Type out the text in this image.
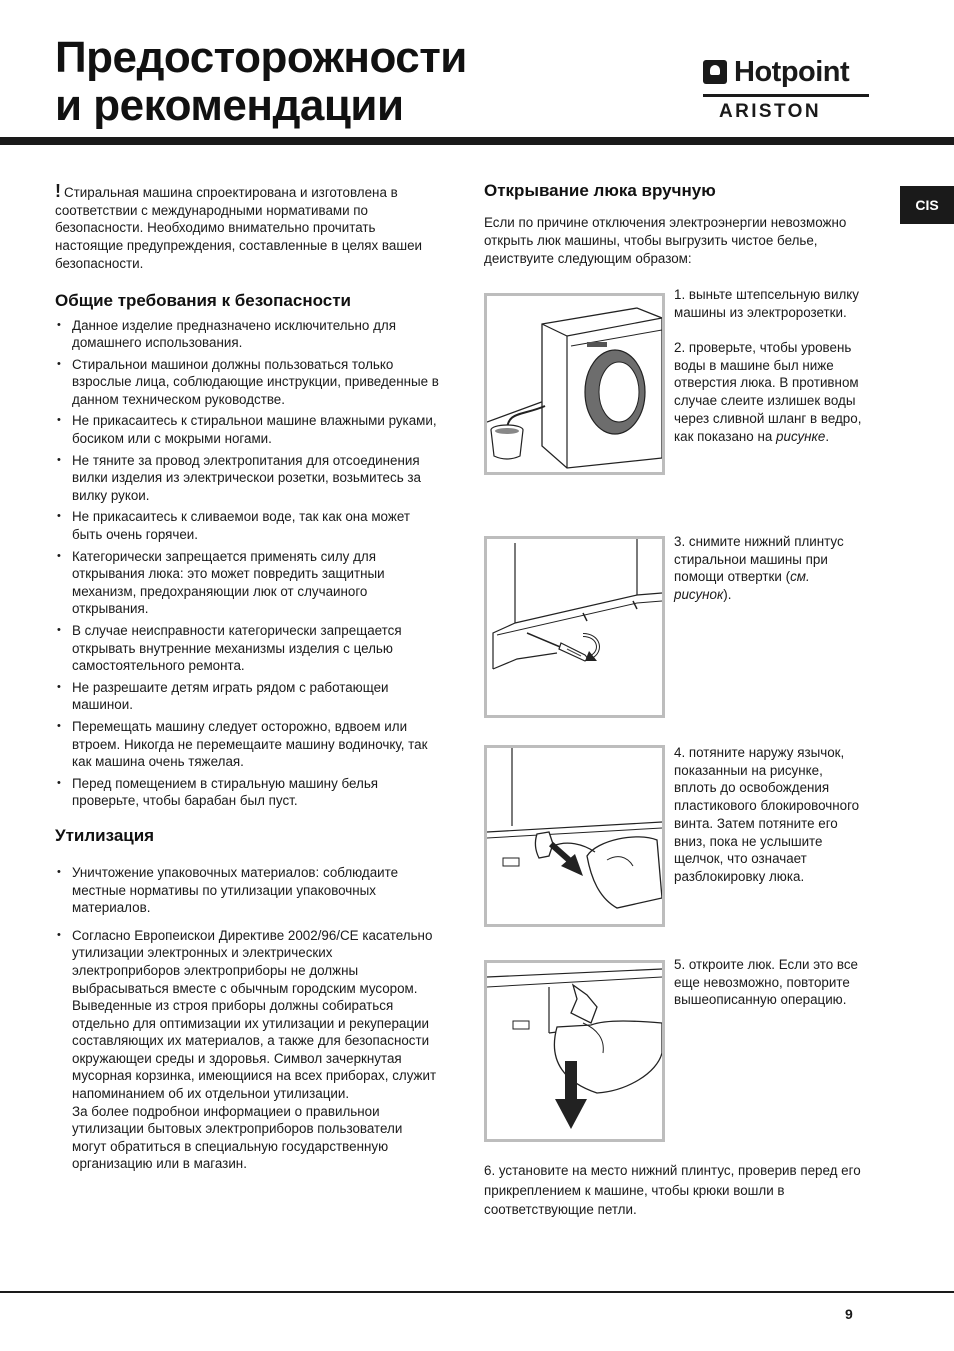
Предосторожности
и рекомендации
Hotpoint
ARISTON
CIS

! Стиральная машина спроектирована и изготовлена в соответствии с международными нормативами по безопасности. Необходимо внимательно прочитать настоящие предупреждения, составленные в целях вашеи безопасности.

Общие требования к безопасности
• Данное изделие предназначено исключительно для домашнего использования.
• Стиральнои машинои должны пользоваться только взрослые лица, соблюдающие инструкции, приведенные в данном техническом руководстве.
• Не прикасаитесь к стиральнои машине влажными руками, босиком или с мокрыми ногами.
• Не тяните за провод электропитания для отсоединения вилки изделия из электрическои розетки, возьмитесь за вилку рукои.
• Не прикасаитесь к сливаемои воде, так как она может быть очень горячеи.
• Категорически запрещается применять силу для открывания люка: это может повредить защитныи механизм, предохраняющии люк от случаиного открывания.
• В случае неисправности категорически запрещается открывать внутренние механизмы изделия с целью самостоятельного ремонта.
• Не разрешаите детям играть рядом с работающеи машинои.
• Перемещать машину следует осторожно, вдвоем или втроем. Никогда не перемещаите машину водиночку, так как машина очень тяжелая.
• Перед помещением в стиральную машину белья проверьте, чтобы барабан был пуст.
Утилизация
• Уничтожение упаковочных материалов: соблюдаите местные нормативы по утилизации упаковочных материалов.
• Согласно Европеискои Директиве 2002/96/CE касательно утилизации электронных и электрических электроприборов электроприборы не должны выбрасываться вместе с обычным городским мусором. Выведенные из строя приборы должны собираться отдельно для оптимизации их утилизации и рекуперации составляющих их материалов, а также для безопасности окружающеи среды и здоровья. Символ зачеркнутая мусорная корзинка, имеющиися на всех приборах, служит напоминанием об их отдельнои утилизации.

За более подробнои информациеи о правильнои утилизации бытовых электроприборов пользователи могут обратиться в специальную государственную организацию или в магазин.

Открывание люка вручную

Если по причине отключения электроэнергии невозможно открыть люк машины, чтобы выгрузить чистое белье, деиствуите следующим образом:

1. выньте штепсельную вилку машины из электророзетки.

2. проверьте, чтобы уровень воды в машине был ниже отверстия люка. В противном случае слеите излишек воды через сливной шланг в ведро, как показано на рисунке.

3. снимите нижний плинтус стиральнои машины при помощи отвертки (см. рисунок).

4. потяните наружу язычок, показанныи на рисунке, вплоть до освобождения пластикового блокировочного винта. Затем потяните его вниз, пока не услышите щелчок, что означает разблокировку люка.

5. откроите люк. Если это все еще невозможно, повторите вышеописанную операцию.

6. установите на место нижний плинтус, проверив перед его прикреплением к машине, чтобы крюки вошли в соответствующие петли.

9
